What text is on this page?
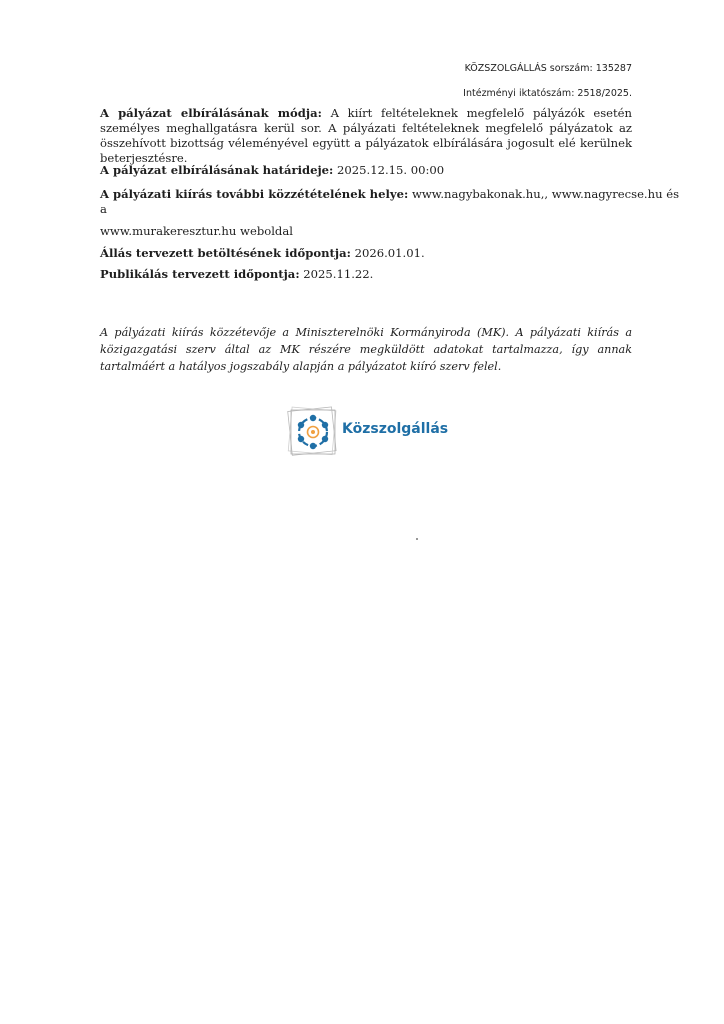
KÖZSZOLGÁLLÁS sorszám: 135287
Intézményi iktatószám: 2518/2025.
A pályázat elbírálásának módja: A kiírt feltételeknek megfelelő pályázók esetén személyes meghallgatásra kerül sor. A pályázati feltételeknek megfelelő pályázatok az összehívott bizottság véleményével együtt a pályázatok elbírálására jogosult elé kerülnek beterjesztésre.
A pályázat elbírálásának határideje: 2025.12.15. 00:00
A pályázati kiírás további közzétételének helye: www.nagybakonak.hu,, www.nagyrecse.hu és
a
www.murakeresztur.hu weboldal
Állás tervezett betöltésének időpontja: 2026.01.01.
Publikálás tervezett időpontja: 2025.11.22.
A pályázati kiírás közzétevője a Miniszterelnöki Kormányiroda (MK). A pályázati kiírás a közigazgatási szerv által az MK részére megküldött adatokat tartalmazza, így annak tartalmáért a hatályos jogszabály alapján a pályázatot kiíró szerv felel.
Közszolgállás
